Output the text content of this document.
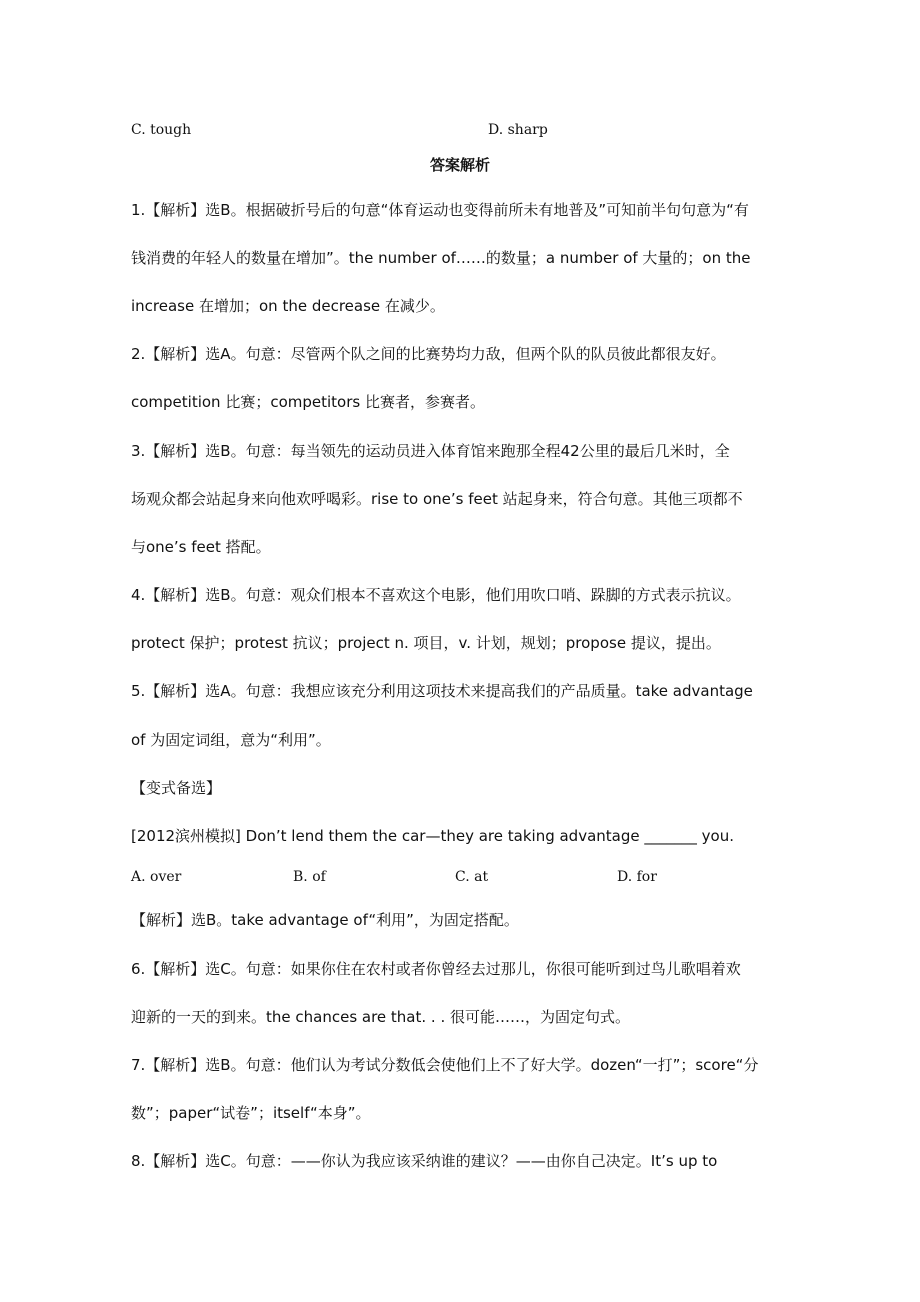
C. tough	D. sharp
答案解析
1.【解析】选B。根据破折号后的句意“体育运动也变得前所未有地普及”可知前半句句意为“有
钱消费的年轻人的数量在增加”。the number of……的数量；a number of 大量的；on the
increase 在增加；on the decrease 在减少。
2.【解析】选A。句意：尽管两个队之间的比赛势均力敌，但两个队的队员彼此都很友好。
competition 比赛；competitors 比赛者，参赛者。
3.【解析】选B。句意：每当领先的运动员进入体育馆来跑那全程42公里的最后几米时，全
场观众都会站起身来向他欢呼喝彩。rise to one’s feet 站起身来，符合句意。其他三项都不
与one’s feet 搭配。
4.【解析】选B。句意：观众们根本不喜欢这个电影，他们用吹口哨、跺脚的方式表示抗议。
protect 保护；protest 抗议；project n. 项目，v. 计划，规划；propose 提议，提出。
5.【解析】选A。句意：我想应该充分利用这项技术来提高我们的产品质量。take advantage
of 为固定词组，意为“利用”。
【变式备选】
[2012滨州模拟] Don’t lend them the car—they are taking advantage _______ you.
A. over	B. of	C. at	D. for
【解析】选B。take advantage of“利用”，为固定搭配。
6.【解析】选C。句意：如果你住在农村或者你曾经去过那儿，你很可能听到过鸟儿歌唱着欢
迎新的一天的到来。the chances are that. . . 很可能……，为固定句式。
7.【解析】选B。句意：他们认为考试分数低会使他们上不了好大学。dozen“一打”；score“分
数”；paper“试卷”；itself“本身”。
8.【解析】选C。句意：——你认为我应该采纳谁的建议？——由你自己决定。It’s up to
